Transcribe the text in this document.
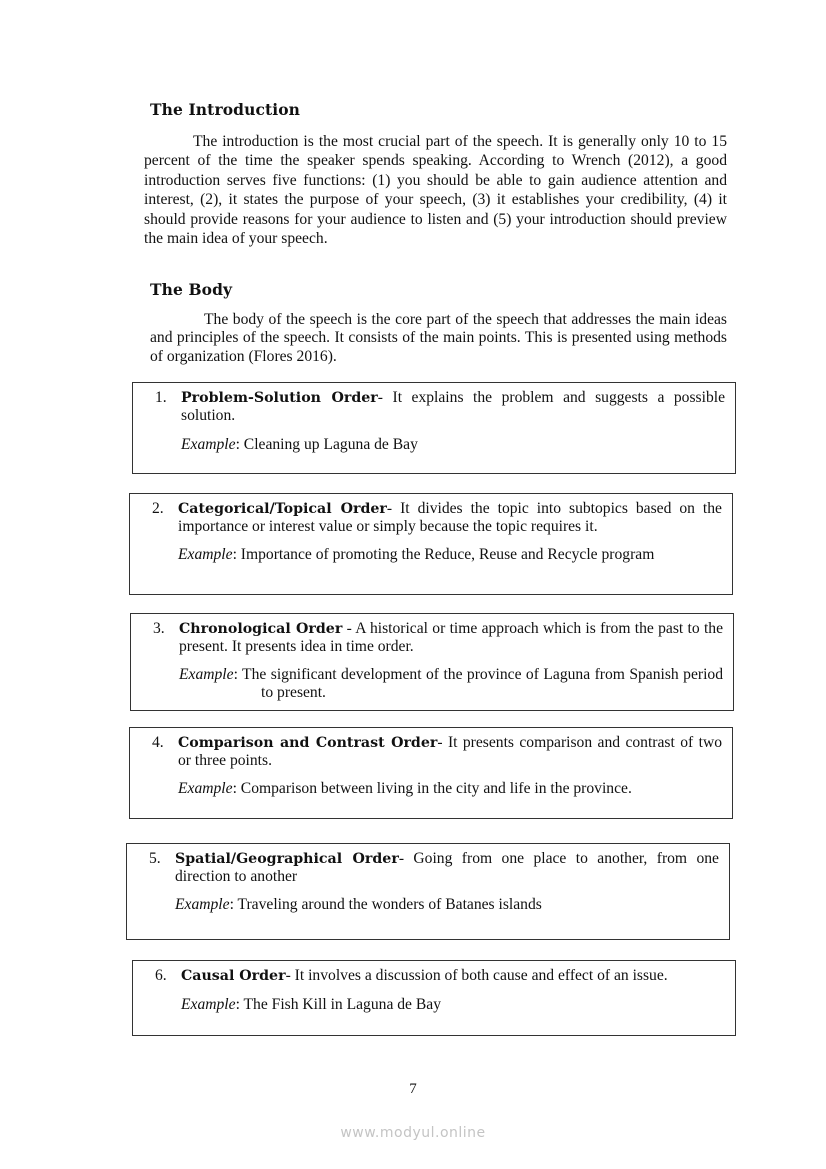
The Introduction
The introduction is the most crucial part of the speech. It is generally only 10 to 15 percent of the time the speaker spends speaking. According to Wrench (2012), a good introduction serves five functions: (1) you should be able to gain audience attention and interest, (2), it states the purpose of your speech, (3) it establishes your credibility, (4) it should provide reasons for your audience to listen and (5) your introduction should preview the main idea of your speech.
The Body
The body of the speech is the core part of the speech that addresses the main ideas and principles of the speech. It consists of the main points. This is presented using methods of organization (Flores 2016).
1.	Problem-Solution Order- It explains the problem and suggests a possible solution.
Example: Cleaning up Laguna de Bay
2.	Categorical/Topical Order- It divides the topic into subtopics based on the importance or interest value or simply because the topic requires it.
Example: Importance of promoting the Reduce, Reuse and Recycle program
3.	Chronological Order - A historical or time approach which is from the past to the present. It presents idea in time order.
Example: The significant development of the province of Laguna from Spanish period to present.
4.	Comparison and Contrast Order- It presents comparison and contrast of two or three points.
Example: Comparison between living in the city and life in the province.
5.	Spatial/Geographical Order- Going from one place to another, from one direction to another
Example: Traveling around the wonders of Batanes islands
6.	Causal Order- It involves a discussion of both cause and effect of an issue.
Example: The Fish Kill in Laguna de Bay
7
www.modyul.online
